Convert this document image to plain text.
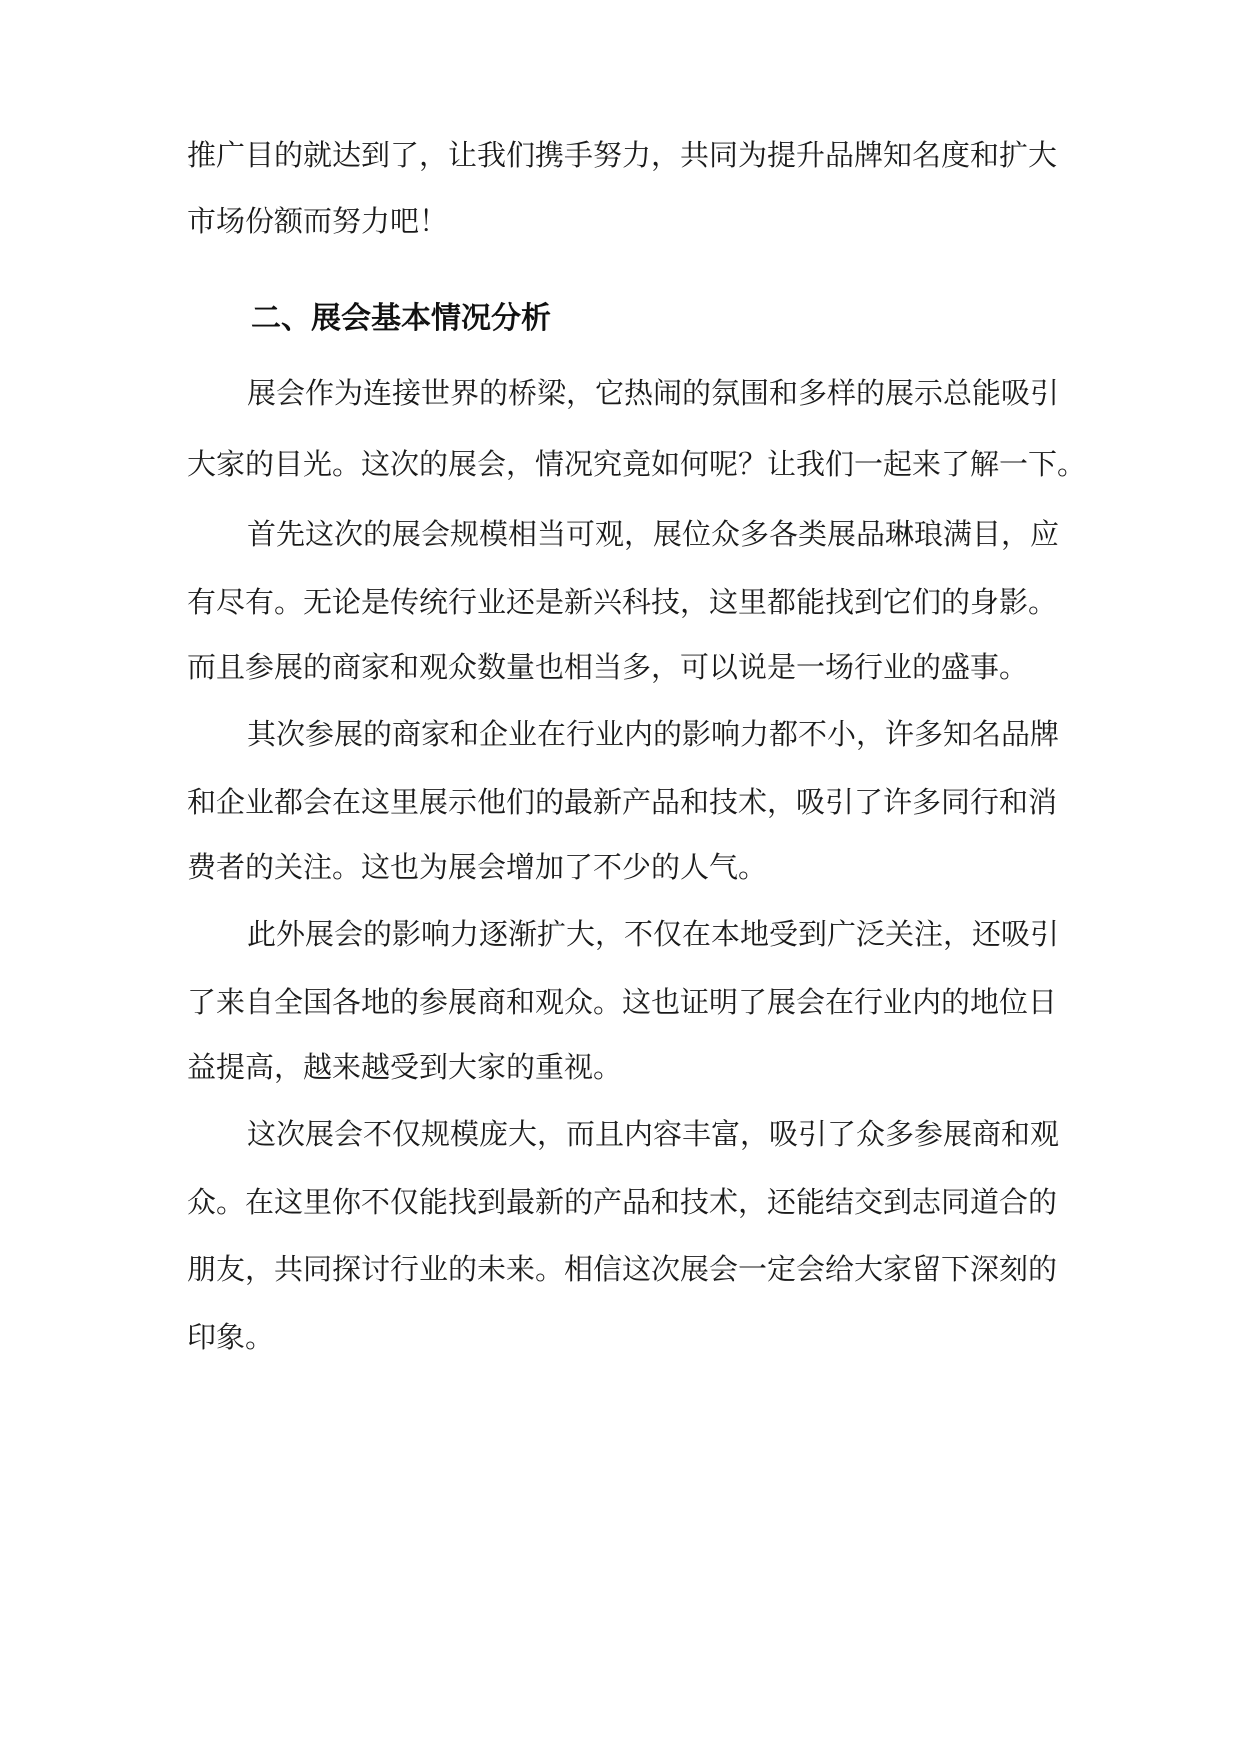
推广目的就达到了，让我们携手努力，共同为提升品牌知名度和扩大
市场份额而努力吧！
二、展会基本情况分析
展会作为连接世界的桥梁，它热闹的氛围和多样的展示总能吸引
大家的目光。这次的展会，情况究竟如何呢？让我们一起来了解一下。
首先这次的展会规模相当可观，展位众多各类展品琳琅满目，应
有尽有。无论是传统行业还是新兴科技，这里都能找到它们的身影。
而且参展的商家和观众数量也相当多，可以说是一场行业的盛事。
其次参展的商家和企业在行业内的影响力都不小，许多知名品牌
和企业都会在这里展示他们的最新产品和技术，吸引了许多同行和消
费者的关注。这也为展会增加了不少的人气。
此外展会的影响力逐渐扩大，不仅在本地受到广泛关注，还吸引
了来自全国各地的参展商和观众。这也证明了展会在行业内的地位日
益提高，越来越受到大家的重视。
这次展会不仅规模庞大，而且内容丰富，吸引了众多参展商和观
众。在这里你不仅能找到最新的产品和技术，还能结交到志同道合的
朋友，共同探讨行业的未来。相信这次展会一定会给大家留下深刻的
印象。
